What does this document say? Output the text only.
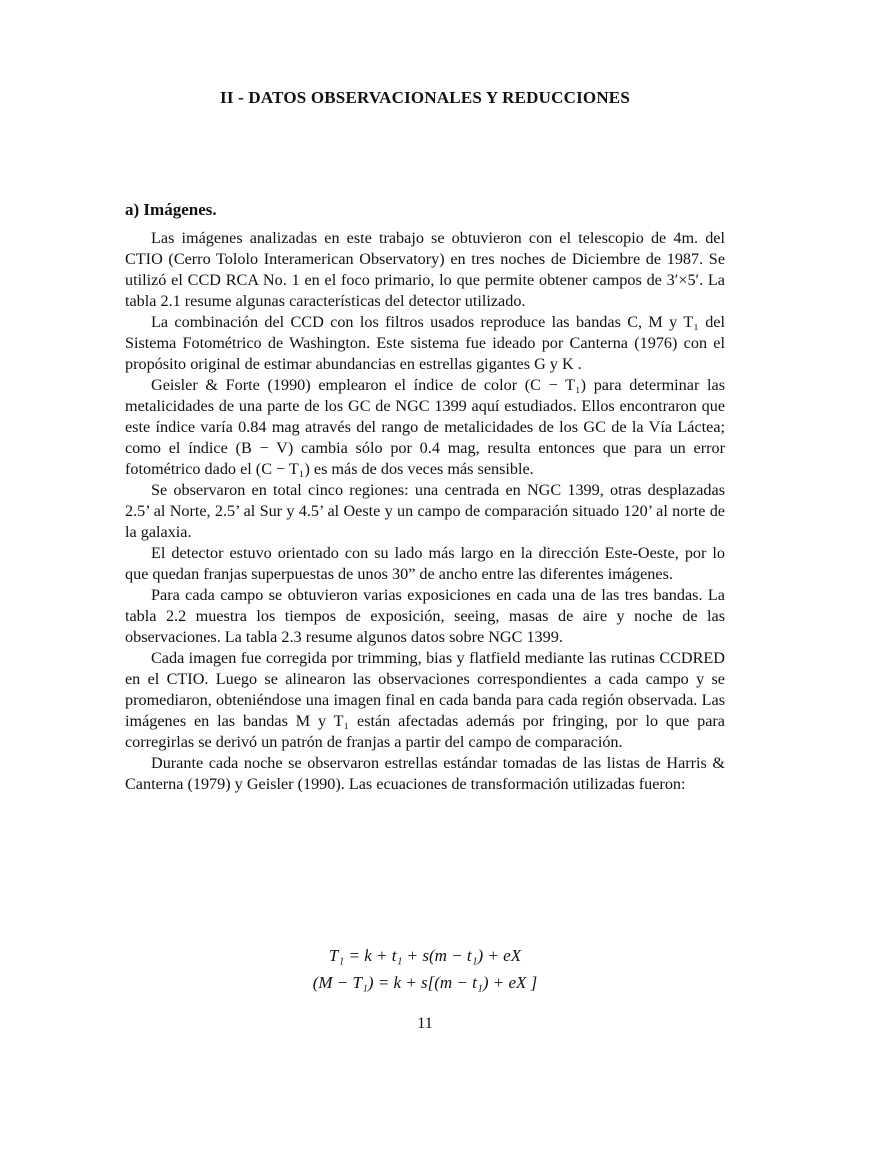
II - DATOS OBSERVACIONALES Y REDUCCIONES
a) Imágenes.

Las imágenes analizadas en este trabajo se obtuvieron con el telescopio de 4m. del CTIO (Cerro Tololo Interamerican Observatory) en tres noches de Diciembre de 1987. Se utilizó el CCD RCA No. 1 en el foco primario, lo que permite obtener campos de 3′×5′. La tabla 2.1 resume algunas características del detector utilizado.

La combinación del CCD con los filtros usados reproduce las bandas C, M y T₁ del Sistema Fotométrico de Washington. Este sistema fue ideado por Canterna (1976) con el propósito original de estimar abundancias en estrellas gigantes G y K .

Geisler & Forte (1990) emplearon el índice de color (C − T₁) para determinar las metalicidades de una parte de los GC de NGC 1399 aquí estudiados. Ellos encontraron que este índice varía 0.84 mag através del rango de metalicidades de los GC de la Vía Láctea; como el índice (B − V) cambia sólo por 0.4 mag, resulta entonces que para un error fotométrico dado el (C − T₁) es más de dos veces más sensible.

Se observaron en total cinco regiones: una centrada en NGC 1399, otras desplazadas 2.5’ al Norte, 2.5’ al Sur y 4.5’ al Oeste y un campo de comparación situado 120’ al norte de la galaxia.

El detector estuvo orientado con su lado más largo en la dirección Este-Oeste, por lo que quedan franjas superpuestas de unos 30” de ancho entre las diferentes imágenes.

Para cada campo se obtuvieron varias exposiciones en cada una de las tres bandas. La tabla 2.2 muestra los tiempos de exposición, seeing, masas de aire y noche de las observaciones. La tabla 2.3 resume algunos datos sobre NGC 1399.

Cada imagen fue corregida por trimming, bias y flatfield mediante las rutinas CCDRED en el CTIO. Luego se alinearon las observaciones correspondientes a cada campo y se promediaron, obteniéndose una imagen final en cada banda para cada región observada. Las imágenes en las bandas M y T₁ están afectadas además por fringing, por lo que para corregirlas se derivó un patrón de franjas a partir del campo de comparación.

Durante cada noche se observaron estrellas estándar tomadas de las listas de Harris & Canterna (1979) y Geisler (1990). Las ecuaciones de transformación utilizadas fueron:

T₁ = k + t₁ + s(m − t₁) + eX
(M − T₁) = k + s[(m − t₁) + eX ]
11
